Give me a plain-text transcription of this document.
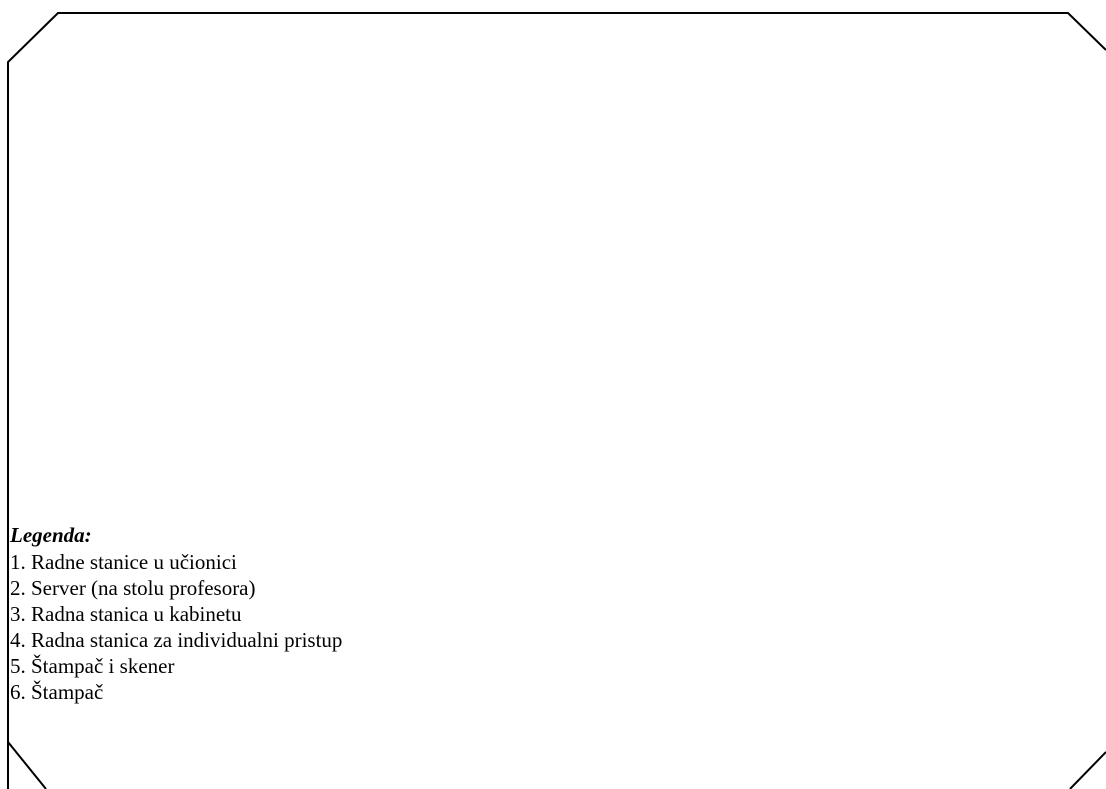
Legenda:
1. Radne stanice u učionici
2. Server (na stolu profesora)
3. Radna stanica u kabinetu
4. Radna stanica za individualni pristup
5. Štampač i skener
6. Štampač
